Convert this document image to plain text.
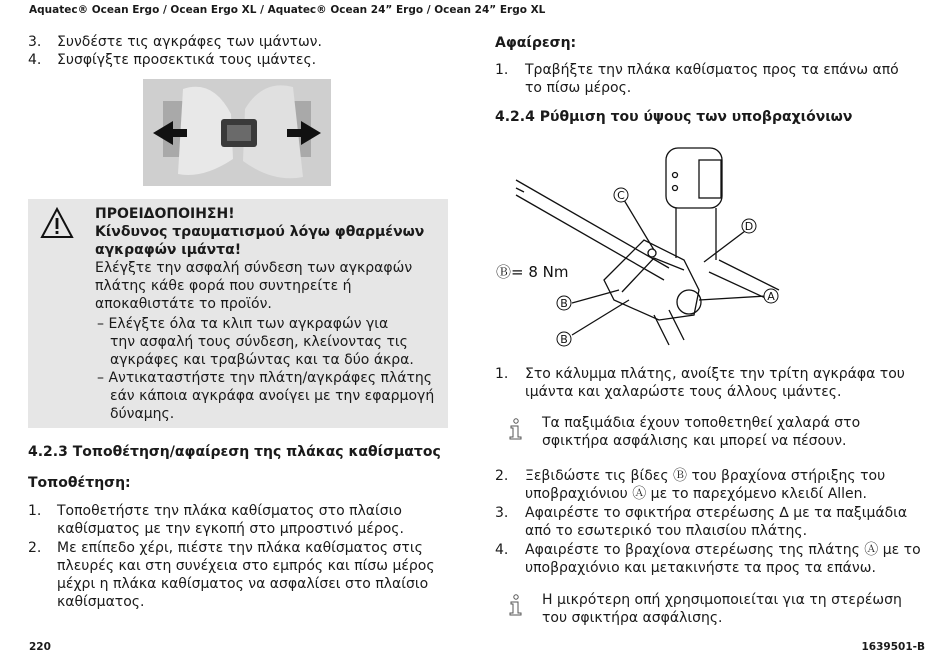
Aquatec® Ocean Ergo / Ocean Ergo XL / Aquatec® Ocean 24” Ergo / Ocean 24” Ergo XL
3. Συνδέστε τις αγκράφες των ιμάντων.
4. Συσφίγξτε προσεκτικά τους ιμάντες.
ΠΡΟΕΙΔΟΠΟΙΗΣΗ!
Κίνδυνος τραυματισμού λόγω φθαρμένων
αγκραφών ιμάντα!
Ελέγξτε την ασφαλή σύνδεση των αγκραφών
πλάτης κάθε φορά που συντηρείτε ή
αποκαθιστάτε το προϊόν.
– Ελέγξτε όλα τα κλιπ των αγκραφών για
την ασφαλή τους σύνδεση, κλείνοντας τις
αγκράφες και τραβώντας και τα δύο άκρα.
– Αντικαταστήστε την πλάτη/αγκράφες πλάτης
εάν κάποια αγκράφα ανοίγει με την εφαρμογή
δύναμης.
4.2.3 Τοποθέτηση/αφαίρεση της πλάκας καθίσματος
Τοποθέτηση:
1. Τοποθετήστε την πλάκα καθίσματος στο πλαίσιο
καθίσματος με την εγκοπή στο μπροστινό μέρος.
2. Με επίπεδο χέρι, πιέστε την πλάκα καθίσματος στις
πλευρές και στη συνέχεια στο εμπρός και πίσω μέρος
μέχρι η πλάκα καθίσματος να ασφαλίσει στο πλαίσιο
καθίσματος.
Αφαίρεση:
1. Τραβήξτε την πλάκα καθίσματος προς τα επάνω από
το πίσω μέρος.
4.2.4 Ρύθμιση του ύψους των υποβραχιόνιων
C
D
A
B
B
Ⓑ= 8 Nm
1. Στο κάλυμμα πλάτης, ανοίξτε την τρίτη αγκράφα του
ιμάντα και χαλαρώστε τους άλλους ιμάντες.
Τα παξιμάδια έχουν τοποθετηθεί χαλαρά στο
σφικτήρα ασφάλισης και μπορεί να πέσουν.
2. Ξεβιδώστε τις βίδες Ⓑ του βραχίονα στήριξης του
υποβραχιόνιου Ⓐ με το παρεχόμενο κλειδί Allen.
3. Αφαιρέστε το σφικτήρα στερέωσης ∆ με τα παξιμάδια
από το εσωτερικό του πλαισίου πλάτης.
4. Αφαιρέστε το βραχίονα στερέωσης της πλάτης Ⓐ με το
υποβραχιόνιο και μετακινήστε τα προς τα επάνω.
Η μικρότερη οπή χρησιμοποιείται για τη στερέωση
του σφικτήρα ασφάλισης.
220	1639501-B
